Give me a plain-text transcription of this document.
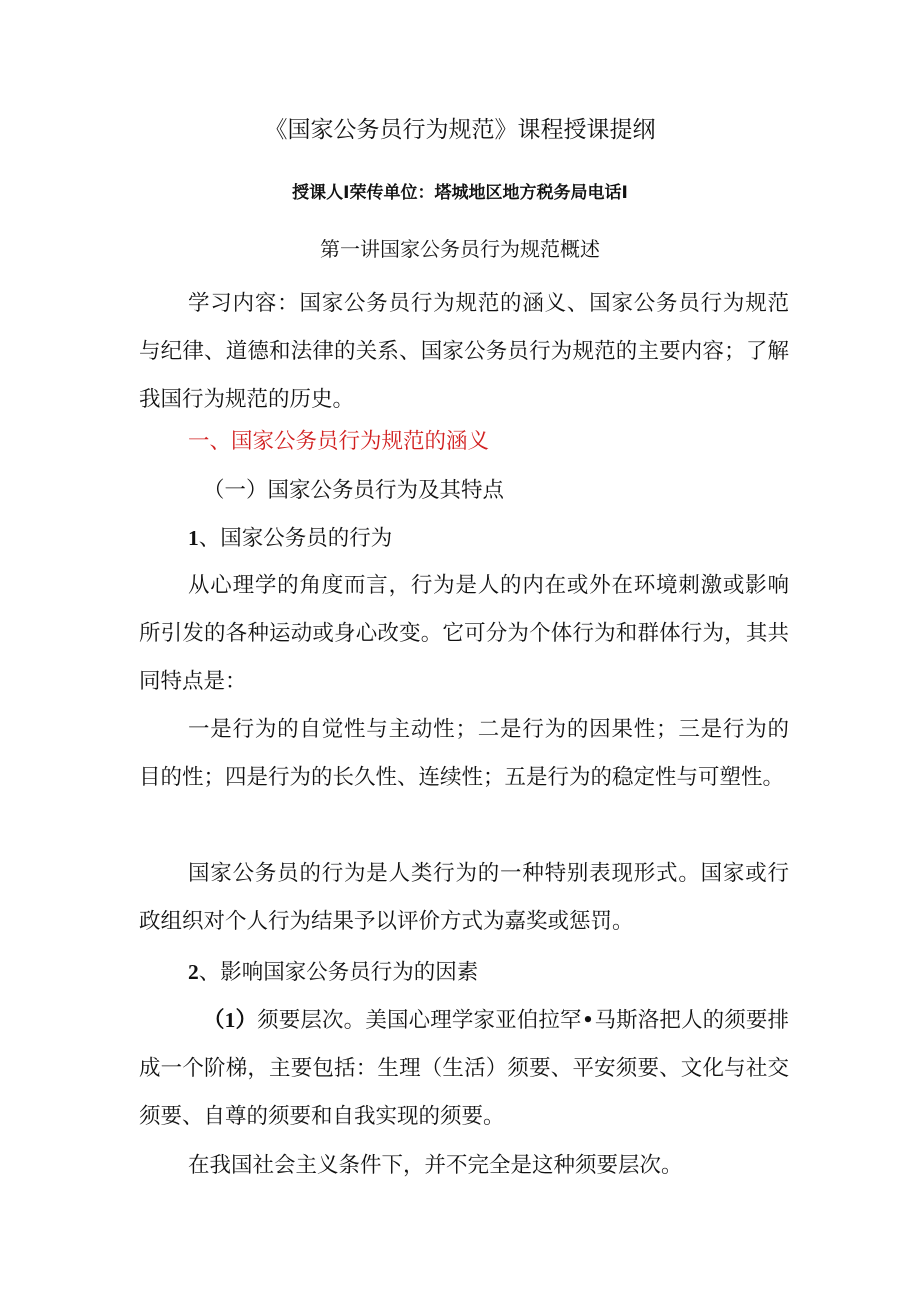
《国家公务员行为规范》课程授课提纲
授课人I荣传单位：塔城地区地方税务局电话I
第一讲国家公务员行为规范概述

学习内容：国家公务员行为规范的涵义、国家公务员行为规范与纪律、道德和法律的关系、国家公务员行为规范的主要内容；了解我国行为规范的历史。

一、国家公务员行为规范的涵义

（一）国家公务员行为及其特点

1、国家公务员的行为

从心理学的角度而言，行为是人的内在或外在环境刺激或影响所引发的各种运动或身心改变。它可分为个体行为和群体行为，其共同特点是：

一是行为的自觉性与主动性；二是行为的因果性；三是行为的目的性；四是行为的长久性、连续性；五是行为的稳定性与可塑性。

国家公务员的行为是人类行为的一种特别表现形式。国家或行政组织对个人行为结果予以评价方式为嘉奖或惩罚。

2、影响国家公务员行为的因素

（1）须要层次。美国心理学家亚伯拉罕•马斯洛把人的须要排成一个阶梯，主要包括：生理（生活）须要、平安须要、文化与社交须要、自尊的须要和自我实现的须要。

在我国社会主义条件下，并不完全是这种须要层次。
